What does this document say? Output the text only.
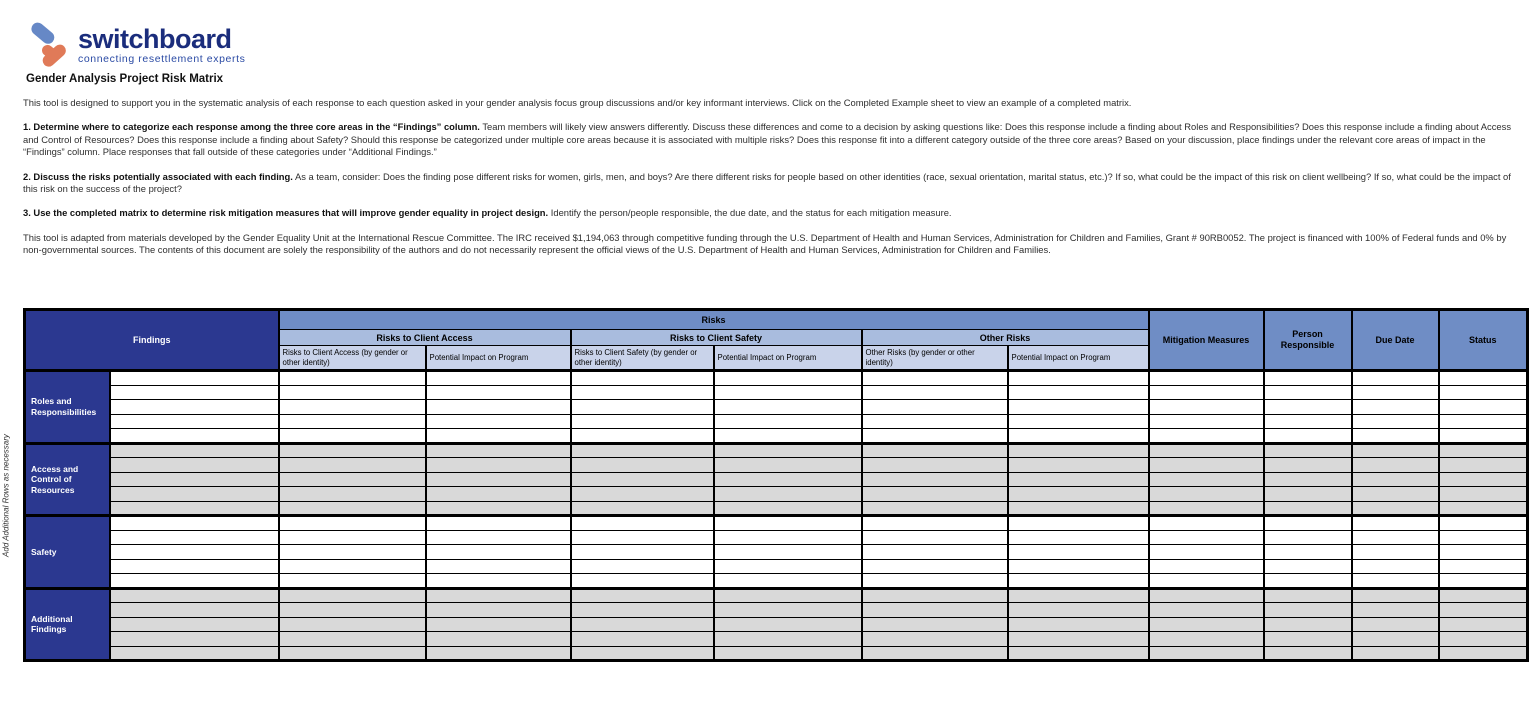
switchboard
connecting resettlement experts
Gender Analysis Project Risk Matrix

This tool is designed to support you in the systematic analysis of each response to each question asked in your gender analysis focus group discussions and/or key informant interviews. Click on the Completed Example sheet to view an example of a completed matrix.

1. Determine where to categorize each response among the three core areas in the “Findings” column. Team members will likely view answers differently. Discuss these differences and come to a decision by asking questions like: Does this response include a finding about Roles and Responsibilities? Does this response include a finding about Access and Control of Resources? Does this response include a finding about Safety? Should this response be categorized under multiple core areas because it is associated with multiple risks? Does this response fit into a different category outside of the three core areas? Based on your discussion, place findings under the relevant core areas of impact in the “Findings” column. Place responses that fall outside of these categories under “Additional Findings.”

2. Discuss the risks potentially associated with each finding. As a team, consider: Does the finding pose different risks for women, girls, men, and boys? Are there different risks for people based on other identities (race, sexual orientation, marital status, etc.)? If so, what could be the impact of this risk on client wellbeing? If so, what could be the impact of this risk on the success of the project?

3. Use the completed matrix to determine risk mitigation measures that will improve gender equality in project design. Identify the person/people responsible, the due date, and the status for each mitigation measure.

This tool is adapted from materials developed by the Gender Equality Unit at the International Rescue Committee. The IRC received $1,194,063 through competitive funding through the U.S. Department of Health and Human Services, Administration for Children and Families, Grant # 90RB0052. The project is financed with 100% of Federal funds and 0% by non-governmental sources. The contents of this document are solely the responsibility of the authors and do not necessarily represent the official views of the U.S. Department of Health and Human Services, Administration for Children and Families.

Add Additional Rows as necessary
Findings		Risks						Mitigation Measures	Person Responsible	Due Date	Status
		Risks to Client Access		Risks to Client Safety		Other Risks					
		Risks to Client Access (by gender or other identity)	Potential Impact on Program	Risks to Client Safety (by gender or other identity)	Potential Impact on Program	Other Risks (by gender or other identity)	Potential Impact on Program				
Roles and Responsibilities											

Access and Control of Resources											

Safety											

Additional Findings											
